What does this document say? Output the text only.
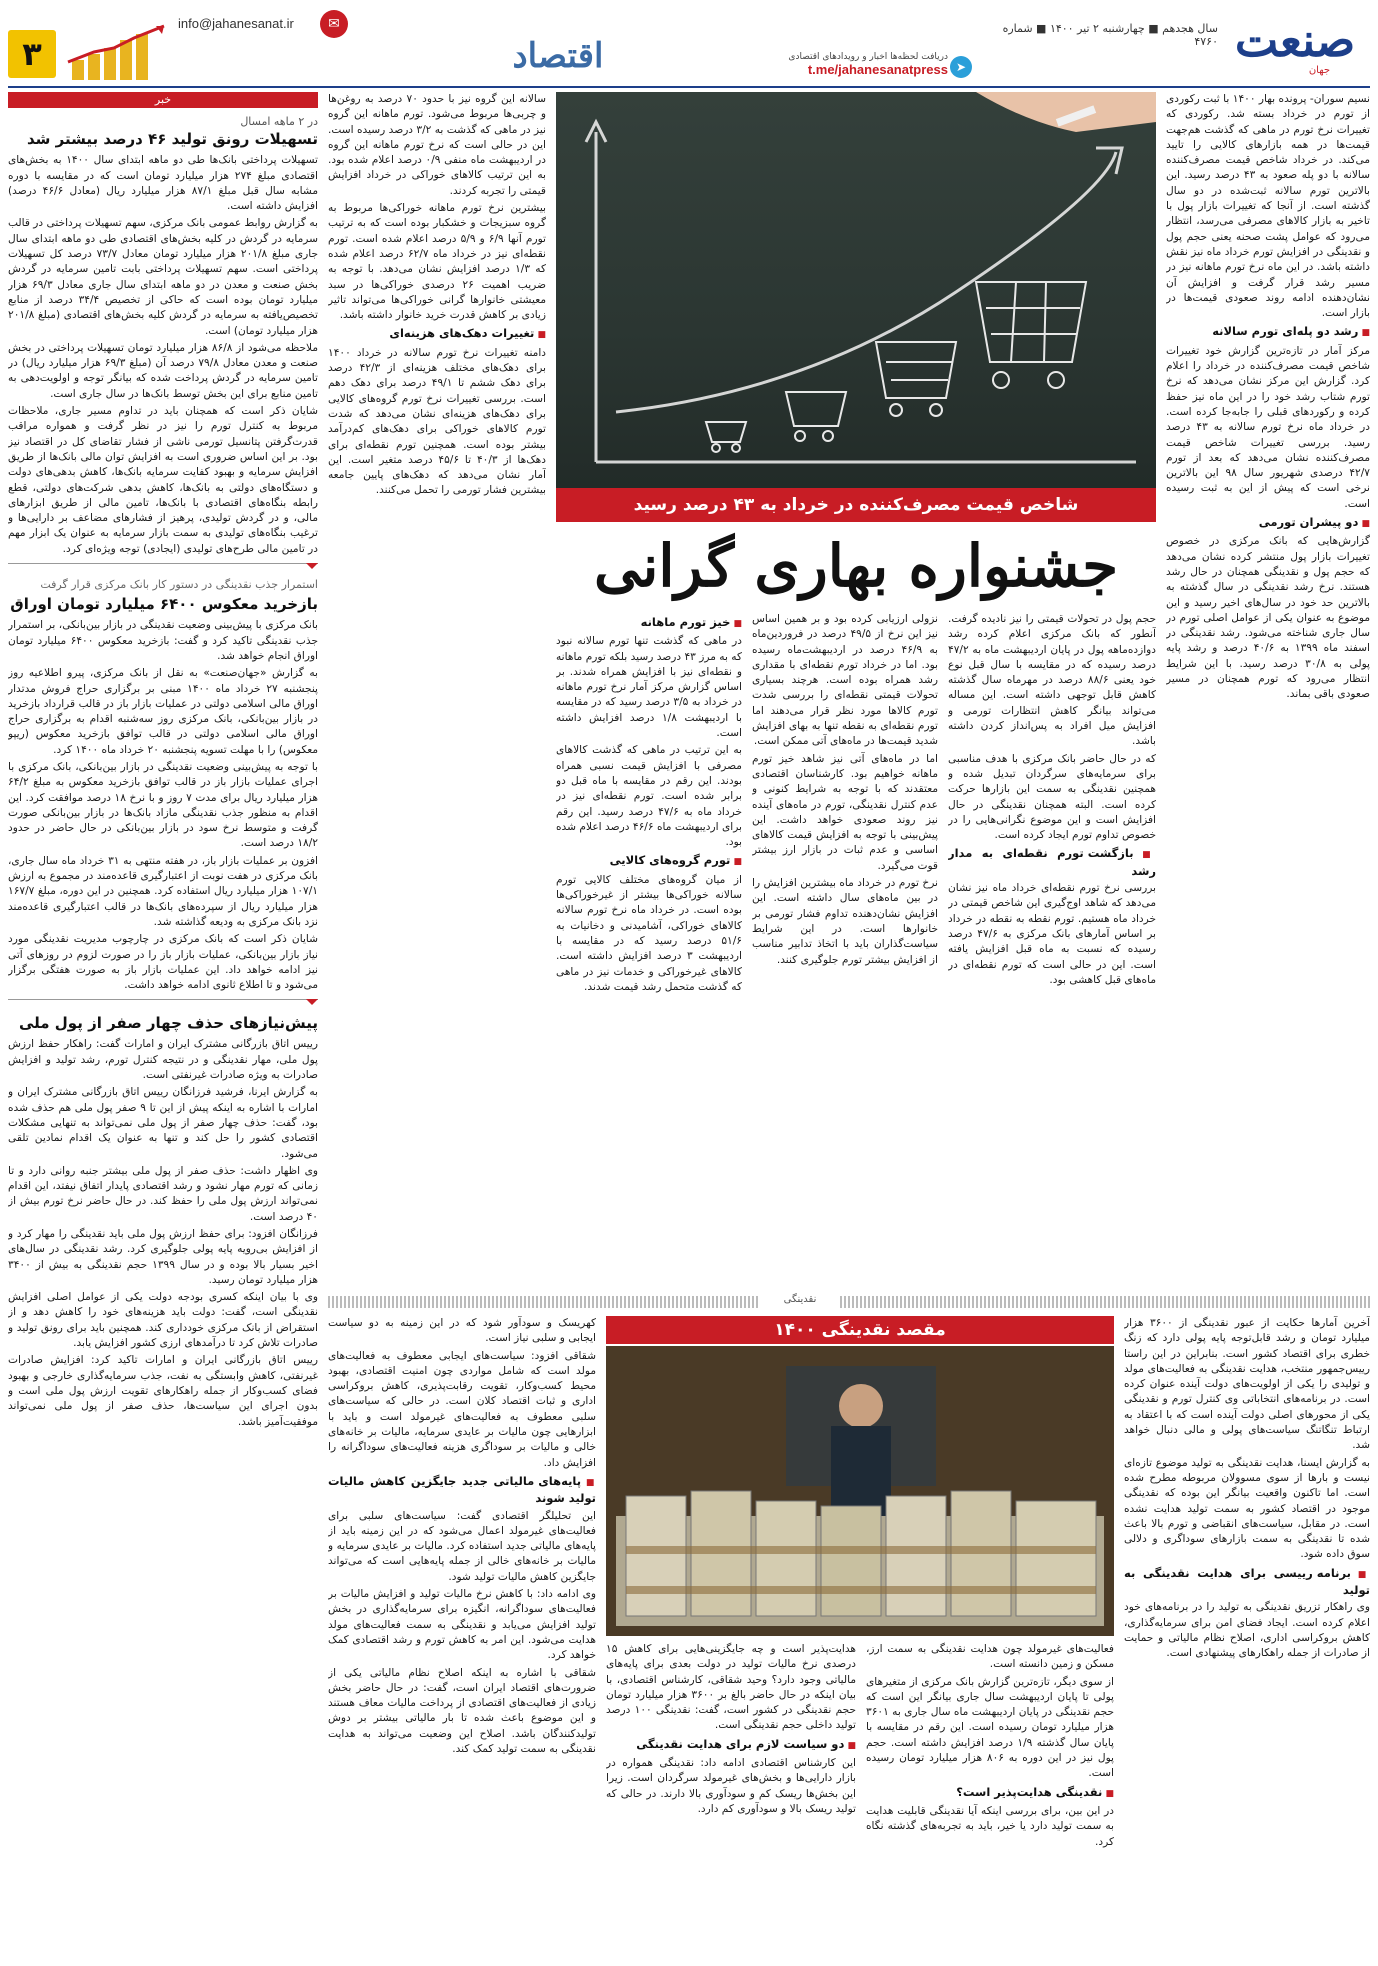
۳
info@jahanesanat.ir	✉
اقتصاد	دریافت لحظه‌ها اخبار و رویدادهای اقتصادی
t.me/jahanesanatpress ➤
سال هجدهم ■ چهارشنبه ۲ تیر ۱۴۰۰ ■ شماره ۴۷۶۰ صنعت
جهان
خبر
در ۲ ماهه امسال
تسهیلات رونق تولید ۴۶ درصد بیشتر شد

تسهیلات پرداختی بانک‌ها طی دو ماهه ابتدای سال ۱۴۰۰ به بخش‌های اقتصادی مبلغ ۲۷۴ هزار میلیارد تومان است که در مقایسه با دوره مشابه سال قبل مبلغ ۸۷/۱ هزار میلیارد ریال (معادل ۴۶/۶ درصد) افزایش داشته است.

به گزارش روابط عمومی بانک مرکزی، سهم تسهیلات پرداختی در قالب سرمایه در گردش در کلیه بخش‌های اقتصادی طی دو ماهه ابتدای سال جاری مبلغ ۲۰۱/۸ هزار میلیارد تومان معادل ۷۳/۷ درصد کل تسهیلات پرداختی است. سهم تسهیلات پرداختی بابت تامین سرمایه در گردش بخش صنعت و معدن در دو ماهه ابتدای سال جاری معادل ۶۹/۳ هزار میلیارد تومان بوده است که حاکی از تخصیص ۳۴/۴ درصد از منابع تخصیص‌یافته به سرمایه در گردش کلیه بخش‌های اقتصادی (مبلغ ۲۰۱/۸ هزار میلیارد تومان) است.

ملاحظه می‌شود از ۸۶/۸ هزار میلیارد تومان تسهیلات پرداختی در بخش صنعت و معدن معادل ۷۹/۸ درصد آن (مبلغ ۶۹/۳ هزار میلیارد ریال) در تامین سرمایه در گردش پرداخت شده که بیانگر توجه و اولویت‌دهی به تامین منابع برای این بخش توسط بانک‌ها در سال جاری است.

شایان ذکر است که همچنان باید در تداوم مسیر جاری، ملاحظات مربوط به کنترل تورم را نیز در نظر گرفت و همواره مراقب قدرت‌گرفتن پتانسیل تورمی ناشی از فشار تقاضای کل در اقتصاد نیز بود. بر این اساس ضروری است به افزایش توان مالی بانک‌ها از طریق افزایش سرمایه و بهبود کفایت سرمایه بانک‌ها، کاهش بدهی‌های دولت و دستگاه‌های دولتی به بانک‌ها، کاهش بدهی شرکت‌های دولتی، قطع رابطه بنگاه‌های اقتصادی با بانک‌ها، تامین مالی از طریق ابزارهای مالی، و در گردش تولیدی، پرهیز از فشارهای مضاعف بر دارایی‌ها و ترغیب بنگاه‌های تولیدی به سمت بازار سرمایه به عنوان یک ابزار مهم در تامین مالی طرح‌های تولیدی (ایجادی) توجه ویژه‌ای کرد.

استمرار جذب نقدینگی در دستور کار بانک مرکزی قرار گرفت
بازخرید معکوس ۶۴۰۰ میلیارد تومان اوراق

بانک مرکزی با پیش‌بینی وضعیت نقدینگی در بازار بین‌بانکی، بر استمرار جذب نقدینگی تاکید کرد و گفت: بازخرید معکوس ۶۴۰۰ میلیارد تومان اوراق انجام خواهد شد.

به گزارش «جهان‌صنعت» به نقل از بانک مرکزی، پیرو اطلاعیه روز پنجشنبه ۲۷ خرداد ماه ۱۴۰۰ مبنی بر برگزاری حراج فروش مدتدار اوراق مالی اسلامی دولتی در عملیات بازار باز در قالب قرارداد بازخرید در بازار بین‌بانکی، بانک مرکزی روز سه‌شنبه اقدام به برگزاری حراج اوراق مالی اسلامی دولتی در قالب توافق بازخرید معکوس (ریپو معکوس) را با مهلت تسویه پنجشنبه ۲۰ خرداد ماه ۱۴۰۰ کرد.

با توجه به پیش‌بینی وضعیت نقدینگی در بازار بین‌بانکی، بانک مرکزی با اجرای عملیات بازار باز در قالب توافق بازخرید معکوس به مبلغ ۶۴/۲ هزار میلیارد ریال برای مدت ۷ روز و با نرخ ۱۸ درصد موافقت کرد. این اقدام به منظور جذب نقدینگی مازاد بانک‌ها در بازار بین‌بانکی صورت گرفت و متوسط نرخ سود در بازار بین‌بانکی در حال حاضر در حدود ۱۸/۲ درصد است.

افزون بر عملیات بازار باز، در هفته منتهی به ۳۱ خرداد ماه سال جاری، بانک مرکزی در هفت نوبت از اعتبارگیری قاعده‌مند در مجموع به ارزش ۱۰۷/۱ هزار میلیارد ریال استفاده کرد. همچنین در این دوره، مبلغ ۱۶۷/۷ هزار میلیارد ریال از سپرده‌های بانک‌ها در قالب اعتبارگیری قاعده‌مند نزد بانک مرکزی به ودیعه گذاشته شد.

شایان ذکر است که بانک مرکزی در چارچوب مدیریت نقدینگی مورد نیاز بازار بین‌بانکی، عملیات بازار باز را در صورت لزوم در روزهای آتی نیز ادامه خواهد داد. این عملیات بازار باز به صورت هفتگی برگزار می‌شود و تا اطلاع ثانوی ادامه خواهد داشت.

پیش‌نیازهای حذف چهار صفر از پول ملی

رییس اتاق بازرگانی مشترک ایران و امارات گفت: راهکار حفظ ارزش پول ملی، مهار نقدینگی و در نتیجه کنترل تورم، رشد تولید و افزایش صادرات به ویژه صادرات غیرنفتی است.

به گزارش ایرنا، فرشید فرزانگان رییس اتاق بازرگانی مشترک ایران و امارات با اشاره به اینکه پیش از این تا ۹ صفر پول ملی هم حذف شده بود، گفت: حذف چهار صفر از پول ملی نمی‌تواند به تنهایی مشکلات اقتصادی کشور را حل کند و تنها به عنوان یک اقدام نمادین تلقی می‌شود.

وی اظهار داشت: حذف صفر از پول ملی بیشتر جنبه روانی دارد و تا زمانی که تورم مهار نشود و رشد اقتصادی پایدار اتفاق نیفتد، این اقدام نمی‌تواند ارزش پول ملی را حفظ کند. در حال حاضر نرخ تورم بیش از ۴۰ درصد است.

فرزانگان افزود: برای حفظ ارزش پول ملی باید نقدینگی را مهار کرد و از افزایش بی‌رویه پایه پولی جلوگیری کرد. رشد نقدینگی در سال‌های اخیر بسیار بالا بوده و در سال ۱۳۹۹ حجم نقدینگی به بیش از ۳۴۰۰ هزار میلیارد تومان رسید.

وی با بیان اینکه کسری بودجه دولت یکی از عوامل اصلی افزایش نقدینگی است، گفت: دولت باید هزینه‌های خود را کاهش دهد و از استقراض از بانک مرکزی خودداری کند. همچنین باید برای رونق تولید و صادرات تلاش کرد تا درآمدهای ارزی کشور افزایش یابد.

رییس اتاق بازرگانی ایران و امارات تاکید کرد: افزایش صادرات غیرنفتی، کاهش وابستگی به نفت، جذب سرمایه‌گذاری خارجی و بهبود فضای کسب‌وکار از جمله راهکارهای تقویت ارزش پول ملی است و بدون اجرای این سیاست‌ها، حذف صفر از پول ملی نمی‌تواند موفقیت‌آمیز باشد.

سالانه این گروه نیز با حدود ۷۰ درصد به روغن‌ها و چربی‌ها مربوط می‌شود. تورم ماهانه این گروه نیز در ماهی که گذشت به ۳/۲ درصد رسیده است. این در حالی است که نرخ تورم ماهانه این گروه در اردیبهشت ماه منفی ۰/۹ درصد اعلام شده بود. به این ترتیب کالاهای خوراکی در خرداد افزایش قیمتی را تجربه کردند.

بیشترین نرخ تورم ماهانه خوراکی‌ها مربوط به گروه سبزیجات و خشکبار بوده است که به ترتیب تورم آنها ۶/۹ و ۵/۹ درصد اعلام شده است. تورم نقطه‌ای نیز در خرداد ماه ۶۲/۷ درصد اعلام شده که ۱/۳ درصد افزایش نشان می‌دهد. با توجه به ضریب اهمیت ۲۶ درصدی خوراکی‌ها در سبد معیشتی خانوارها گرانی خوراکی‌ها می‌تواند تاثیر زیادی بر کاهش قدرت خرید خانوار داشته باشد.

■ تغییرات دهک‌های هزینه‌ای

دامنه تغییرات نرخ تورم سالانه در خرداد ۱۴۰۰ برای دهک‌های مختلف هزینه‌ای از ۴۲/۳ درصد برای دهک ششم تا ۴۹/۱ درصد برای دهک دهم است. بررسی تغییرات نرخ تورم گروه‌های کالایی برای دهک‌های هزینه‌ای نشان می‌دهد که شدت تورم کالاهای خوراکی برای دهک‌های کم‌درآمد بیشتر بوده است. همچنین تورم نقطه‌ای برای دهک‌ها از ۴۰/۳ تا ۴۵/۶ درصد متغیر است. این آمار نشان می‌دهد که دهک‌های پایین جامعه بیشترین فشار تورمی را تحمل می‌کنند.

شاخص قیمت مصرف‌کننده در خرداد به ۴۳ درصد رسید
جشنواره بهاری گرانی

نسیم سوران- پرونده بهار ۱۴۰۰ با ثبت رکوردی از تورم در خرداد بسته شد. رکوردی که تغییرات نرخ تورم در ماهی که گذشت هم‌جهت قیمت‌ها در همه بازارهای کالایی را تایید می‌کند. در خرداد شاخص قیمت مصرف‌کننده سالانه با دو پله صعود به ۴۳ درصد رسید. این بالاترین تورم سالانه ثبت‌شده در دو سال گذشته است. از آنجا که تغییرات بازار پول با تاخیر به بازار کالاهای مصرفی می‌رسد، انتظار می‌رود که عوامل پشت صحنه یعنی حجم پول و نقدینگی در افزایش تورم خرداد ماه نیز نقش داشته باشد. در این ماه نرخ تورم ماهانه نیز در مسیر رشد قرار گرفت و افزایش آن نشان‌دهنده ادامه روند صعودی قیمت‌ها در بازار است.

■ رشد دو پله‌ای تورم سالانه

مرکز آمار در تازه‌ترین گزارش خود تغییرات شاخص قیمت مصرف‌کننده در خرداد را اعلام کرد. گزارش این مرکز نشان می‌دهد که نرخ تورم شتاب رشد خود را در این ماه نیز حفظ کرده و رکوردهای قبلی را جابه‌جا کرده است. در خرداد ماه نرخ تورم سالانه به ۴۳ درصد رسید. بررسی تغییرات شاخص قیمت مصرف‌کننده نشان می‌دهد که بعد از تورم ۴۲/۷ درصدی شهریور سال ۹۸ این بالاترین نرخی است که پیش از این به ثبت رسیده است.

■ دو پیشران تورمی

گزارش‌هایی که بانک مرکزی در خصوص تغییرات بازار پول منتشر کرده نشان می‌دهد که حجم پول و نقدینگی همچنان در حال رشد هستند. نرخ رشد نقدینگی در سال گذشته به بالاترین حد خود در سال‌های اخیر رسید و این موضوع به عنوان یکی از عوامل اصلی تورم در سال جاری شناخته می‌شود. رشد نقدینگی در اسفند ماه ۱۳۹۹ به ۴۰/۶ درصد و رشد پایه پولی به ۳۰/۸ درصد رسید. با این شرایط انتظار می‌رود که تورم همچنان در مسیر صعودی باقی بماند.

حجم پول در تحولات قیمتی را نیز نادیده گرفت. آنطور که بانک مرکزی اعلام کرده رشد دوازده‌ماهه پول در پایان اردیبهشت ماه به ۴۷/۲ درصد رسیده که در مقایسه با سال قبل نوع خود یعنی ۸۸/۶ درصد در مهرماه سال گذشته کاهش قابل توجهی داشته است. این مساله می‌تواند بیانگر کاهش انتظارات تورمی و افزایش میل افراد به پس‌انداز کردن داشته باشد.

که در حال حاضر بانک مرکزی با هدف مناسبی برای سرمایه‌های سرگردان تبدیل شده و همچنین نقدینگی به سمت این بازارها حرکت کرده است. البته همچنان نقدینگی در حال افزایش است و این موضوع نگرانی‌هایی را در خصوص تداوم تورم ایجاد کرده است.

■ بازگشت تورم نقطه‌ای به مدار رشد

بررسی نرخ تورم نقطه‌ای خرداد ماه نیز نشان می‌دهد که شاهد اوج‌گیری این شاخص قیمتی در خرداد ماه هستیم. تورم نقطه به نقطه در خرداد بر اساس آمارهای بانک مرکزی به ۴۷/۶ درصد رسیده که نسبت به ماه قبل افزایش یافته است. این در حالی است که تورم نقطه‌ای در ماه‌های قبل کاهشی بود.

نزولی ارزیابی کرده بود و بر همین اساس نیز این نرخ از ۴۹/۵ درصد در فروردین‌ماه به ۴۶/۹ درصد در اردیبهشت‌ماه رسیده بود. اما در خرداد تورم نقطه‌ای با مقداری رشد همراه بوده است. هرچند بسیاری تحولات قیمتی نقطه‌ای را بررسی شدت تورم کالاها مورد نظر قرار می‌دهند اما تورم نقطه‌ای به نقطه تنها به بهای افزایش شدید قیمت‌ها در ماه‌های آتی ممکن است.

اما در ماه‌های آتی نیز شاهد خیز تورم ماهانه خواهیم بود. کارشناسان اقتصادی معتقدند که با توجه به شرایط کنونی و عدم کنترل نقدینگی، تورم در ماه‌های آینده نیز روند صعودی خواهد داشت. این پیش‌بینی با توجه به افزایش قیمت کالاهای اساسی و عدم ثبات در بازار ارز بیشتر قوت می‌گیرد.

نرخ تورم در خرداد ماه بیشترین افزایش را در بین ماه‌های سال داشته است. این افزایش نشان‌دهنده تداوم فشار تورمی بر خانوارها است. در این شرایط سیاست‌گذاران باید با اتخاذ تدابیر مناسب از افزایش بیشتر تورم جلوگیری کنند.

■ خیز تورم ماهانه

در ماهی که گذشت تنها تورم سالانه نبود که به مرز ۴۳ درصد رسید بلکه تورم ماهانه و نقطه‌ای نیز با افزایش همراه شدند. بر اساس گزارش مرکز آمار نرخ تورم ماهانه در خرداد به ۳/۵ درصد رسید که در مقایسه با اردیبهشت ۱/۸ درصد افزایش داشته است.

به این ترتیب در ماهی که گذشت کالاهای مصرفی با افزایش قیمت نسبی همراه بودند. این رقم در مقایسه با ماه قبل دو برابر شده است. تورم نقطه‌ای نیز در خرداد ماه به ۴۷/۶ درصد رسید. این رقم برای اردیبهشت ماه ۴۶/۶ درصد اعلام شده بود.

■ تورم گروه‌های کالایی

از میان گروه‌های مختلف کالایی تورم سالانه خوراکی‌ها بیشتر از غیرخوراکی‌ها بوده است. در خرداد ماه نرخ تورم سالانه کالاهای خوراکی، آشامیدنی و دخانیات به ۵۱/۶ درصد رسید که در مقایسه با اردیبهشت ۳ درصد افزایش داشته است. کالاهای غیرخوراکی و خدمات نیز در ماهی که گذشت متحمل رشد قیمت شدند.

نقدینگی

آخرین آمارها حکایت از عبور نقدینگی از ۳۶۰۰ هزار میلیارد تومان و رشد قابل‌توجه پایه پولی دارد که زنگ خطری برای اقتصاد کشور است. بنابراین در این راستا رییس‌جمهور منتخب، هدایت نقدینگی به فعالیت‌های مولد و تولیدی را یکی از اولویت‌های دولت آینده عنوان کرده است. در برنامه‌های انتخاباتی وی کنترل تورم و نقدینگی یکی از محورهای اصلی دولت آینده است که با اعتقاد به ارتباط تنگاتنگ سیاست‌های پولی و مالی دنبال خواهد شد.

به گزارش ایسنا، هدایت نقدینگی به تولید موضوع تازه‌ای نیست و بارها از سوی مسوولان مربوطه مطرح شده است. اما تاکنون واقعیت بیانگر این بوده که نقدینگی موجود در اقتصاد کشور به سمت تولید هدایت نشده است. در مقابل، سیاست‌های انقباضی و تورم بالا باعث شده تا نقدینگی به سمت بازارهای سوداگری و دلالی سوق داده شود.

■ برنامه رییسی برای هدایت نقدینگی به تولید

وی راهکار تزریق نقدینگی به تولید را در برنامه‌های خود اعلام کرده است. ایجاد فضای امن برای سرمایه‌گذاری، کاهش بروکراسی اداری، اصلاح نظام مالیاتی و حمایت از صادرات از جمله راهکارهای پیشنهادی است.

مقصد نقدینگی ۱۴۰۰

فعالیت‌های غیرمولد چون هدایت نقدینگی به سمت ارز، مسکن و زمین دانسته است.

از سوی دیگر، تازه‌ترین گزارش بانک مرکزی از متغیرهای پولی تا پایان اردیبهشت سال جاری بیانگر این است که حجم نقدینگی در پایان اردیبهشت ماه سال جاری به ۳۶۰۱ هزار میلیارد تومان رسیده است. این رقم در مقایسه با پایان سال گذشته ۱/۹ درصد افزایش داشته است. حجم پول نیز در این دوره به ۸۰۶ هزار میلیارد تومان رسیده است.

■ نقدینگی هدایت‌پذیر است؟

در این بین، برای بررسی اینکه آیا نقدینگی قابلیت هدایت به سمت تولید دارد یا خیر، باید به تجربه‌های گذشته نگاه کرد.

هدایت‌پذیر است و چه جایگزینی‌هایی برای کاهش ۱۵ درصدی نرخ مالیات تولید در دولت بعدی برای پایه‌های مالیاتی وجود دارد؟ وحید شقاقی، کارشناس اقتصادی، با بیان اینکه در حال حاضر بالغ بر ۳۶۰۰ هزار میلیارد تومان حجم نقدینگی در کشور است، گفت: نقدینگی ۱۰۰ درصد تولید داخلی حجم نقدینگی است.

■ دو سیاست لازم برای هدایت نقدینگی

این کارشناس اقتصادی ادامه داد: نقدینگی همواره در بازار دارایی‌ها و بخش‌های غیرمولد سرگردان است. زیرا این بخش‌ها ریسک کم و سودآوری بالا دارند. در حالی که تولید ریسک بالا و سودآوری کم دارد.

کهریسک و سودآور شود که در این زمینه به دو سیاست ایجابی و سلبی نیاز است.

شقاقی افزود: سیاست‌های ایجابی معطوف به فعالیت‌های مولد است که شامل مواردی چون امنیت اقتصادی، بهبود محیط کسب‌وکار، تقویت رقابت‌پذیری، کاهش بروکراسی اداری و ثبات اقتصاد کلان است. در حالی که سیاست‌های سلبی معطوف به فعالیت‌های غیرمولد است و باید با ابزارهایی چون مالیات بر عایدی سرمایه، مالیات بر خانه‌های خالی و مالیات بر سوداگری هزینه فعالیت‌های سوداگرانه را افزایش داد.

■ پایه‌های مالیاتی جدید جایگزین کاهش مالیات تولید شوند

این تحلیلگر اقتصادی گفت: سیاست‌های سلبی برای فعالیت‌های غیرمولد اعمال می‌شود که در این زمینه باید از پایه‌های مالیاتی جدید استفاده کرد. مالیات بر عایدی سرمایه و مالیات بر خانه‌های خالی از جمله پایه‌هایی است که می‌تواند جایگزین کاهش مالیات تولید شود.

وی ادامه داد: با کاهش نرخ مالیات تولید و افزایش مالیات بر فعالیت‌های سوداگرانه، انگیزه برای سرمایه‌گذاری در بخش تولید افزایش می‌یابد و نقدینگی به سمت فعالیت‌های مولد هدایت می‌شود. این امر به کاهش تورم و رشد اقتصادی کمک خواهد کرد.

شقاقی با اشاره به اینکه اصلاح نظام مالیاتی یکی از ضرورت‌های اقتصاد ایران است، گفت: در حال حاضر بخش زیادی از فعالیت‌های اقتصادی از پرداخت مالیات معاف هستند و این موضوع باعث شده تا بار مالیاتی بیشتر بر دوش تولیدکنندگان باشد. اصلاح این وضعیت می‌تواند به هدایت نقدینگی به سمت تولید کمک کند.
